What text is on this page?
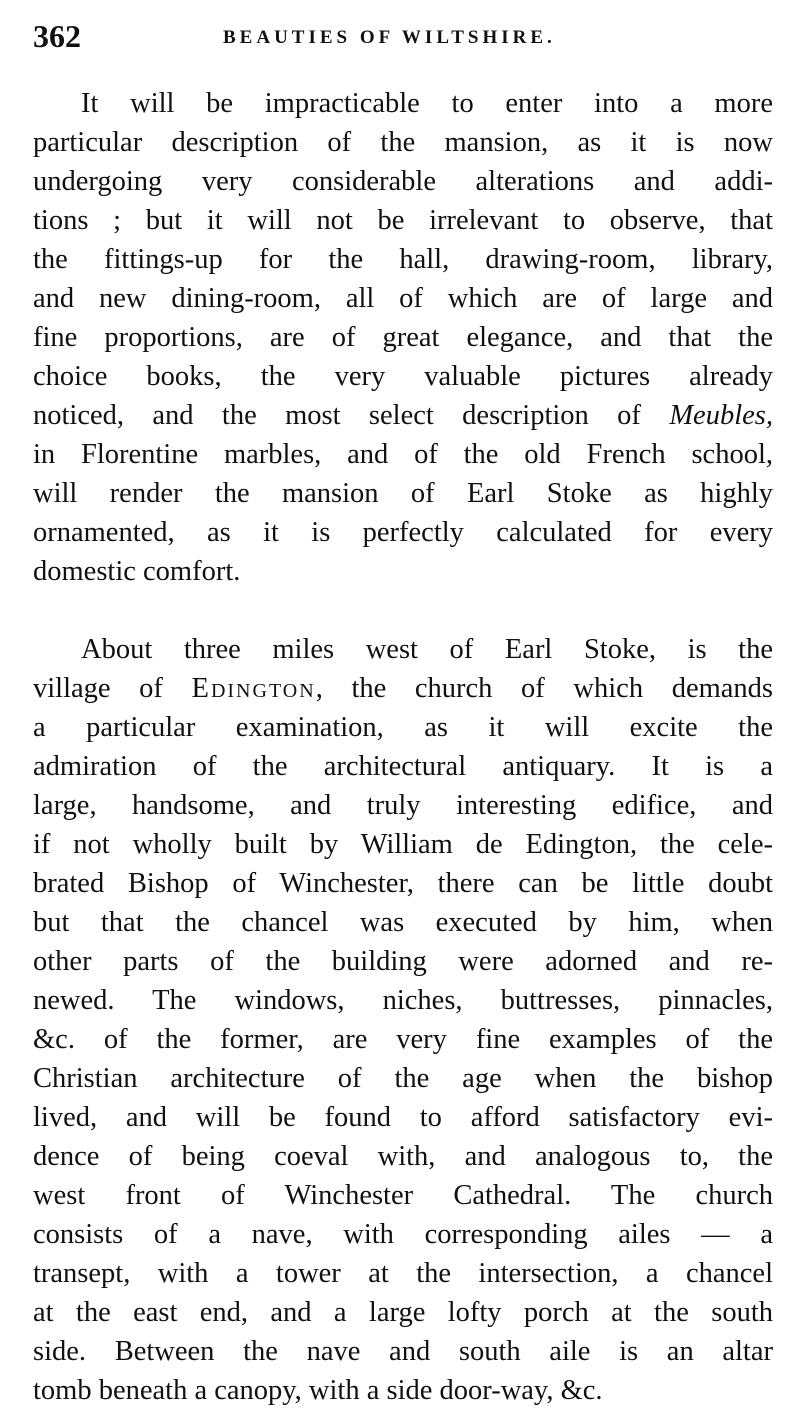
362	BEAUTIES OF WILTSHIRE.
It will be impracticable to enter into a more
particular description of the mansion, as it is now
undergoing very considerable alterations and addi-
tions ; but it will not be irrelevant to observe, that
the fittings-up for the hall, drawing-room, library,
and new dining-room, all of which are of large and
fine proportions, are of great elegance, and that the
choice books, the very valuable pictures already
noticed, and the most select description of Meubles,
in Florentine marbles, and of the old French school,
will render the mansion of Earl Stoke as highly
ornamented, as it is perfectly calculated for every
domestic comfort.
About three miles west of Earl Stoke, is the
village of Edington, the church of which demands
a particular examination, as it will excite the
admiration of the architectural antiquary. It is a
large, handsome, and truly interesting edifice, and
if not wholly built by William de Edington, the cele-
brated Bishop of Winchester, there can be little doubt
but that the chancel was executed by him, when
other parts of the building were adorned and re-
newed. The windows, niches, buttresses, pinnacles,
&c. of the former, are very fine examples of the
Christian architecture of the age when the bishop
lived, and will be found to afford satisfactory evi-
dence of being coeval with, and analogous to, the
west front of Winchester Cathedral. The church
consists of a nave, with corresponding ailes — a
transept, with a tower at the intersection, a chancel
at the east end, and a large lofty porch at the south
side. Between the nave and south aile is an altar
tomb beneath a canopy, with a side door-way, &c.
